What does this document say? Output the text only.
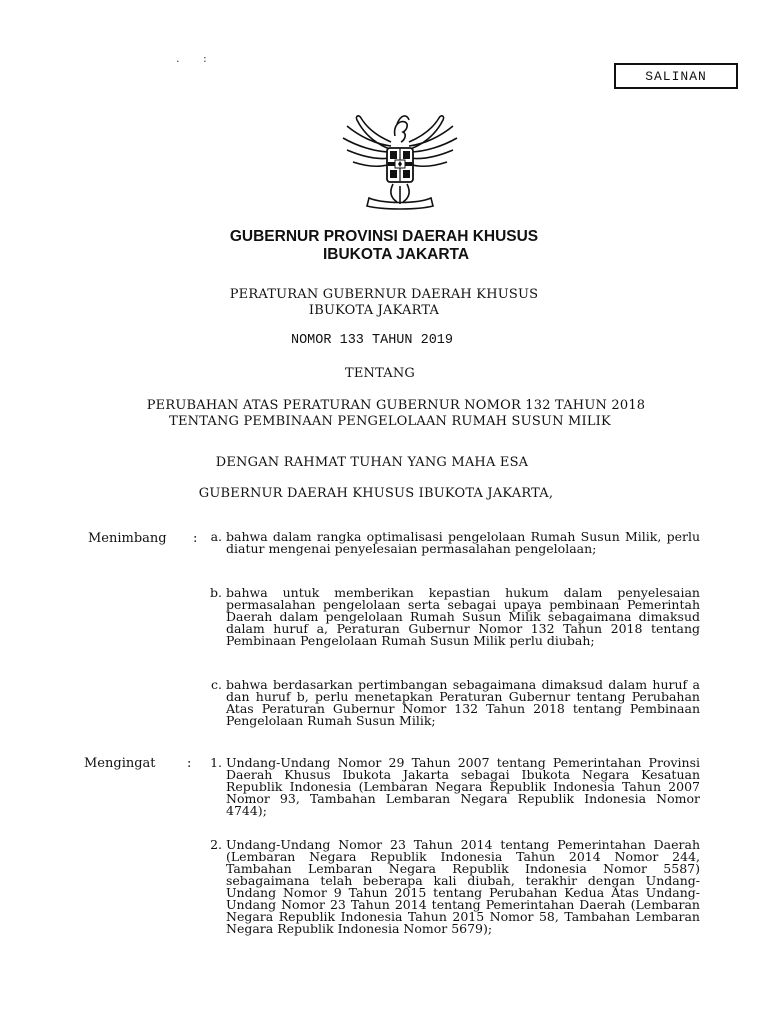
. :
SALINAN
GUBERNUR PROVINSI DAERAH KHUSUS
IBUKOTA JAKARTA
PERATURAN GUBERNUR DAERAH KHUSUS
IBUKOTA JAKARTA
NOMOR 133 TAHUN 2019
TENTANG
PERUBAHAN ATAS PERATURAN GUBERNUR NOMOR 132 TAHUN 2018
TENTANG PEMBINAAN PENGELOLAAN RUMAH SUSUN MILIK
DENGAN RAHMAT TUHAN YANG MAHA ESA
GUBERNUR DAERAH KHUSUS IBUKOTA JAKARTA,
Menimbang :	a. bahwa dalam rangka optimalisasi pengelolaan Rumah Susun Milik, perlu diatur mengenai penyelesaian permasalahan pengelolaan;
b. bahwa untuk memberikan kepastian hukum dalam penyelesaian permasalahan pengelolaan serta sebagai upaya pembinaan Pemerintah Daerah dalam pengelolaan Rumah Susun Milik sebagaimana dimaksud dalam huruf a, Peraturan Gubernur Nomor 132 Tahun 2018 tentang Pembinaan Pengelolaan Rumah Susun Milik perlu diubah;
c. bahwa berdasarkan pertimbangan sebagaimana dimaksud dalam huruf a dan huruf b, perlu menetapkan Peraturan Gubernur tentang Perubahan Atas Peraturan Gubernur Nomor 132 Tahun 2018 tentang Pembinaan Pengelolaan Rumah Susun Milik;
Mengingat :	1. Undang-Undang Nomor 29 Tahun 2007 tentang Pemerintahan Provinsi Daerah Khusus Ibukota Jakarta sebagai Ibukota Negara Kesatuan Republik Indonesia (Lembaran Negara Republik Indonesia Tahun 2007 Nomor 93, Tambahan Lembaran Negara Republik Indonesia Nomor 4744);
2. Undang-Undang Nomor 23 Tahun 2014 tentang Pemerintahan Daerah (Lembaran Negara Republik Indonesia Tahun 2014 Nomor 244, Tambahan Lembaran Negara Republik Indonesia Nomor 5587) sebagaimana telah beberapa kali diubah, terakhir dengan Undang-Undang Nomor 9 Tahun 2015 tentang Perubahan Kedua Atas Undang-Undang Nomor 23 Tahun 2014 tentang Pemerintahan Daerah (Lembaran Negara Republik Indonesia Tahun 2015 Nomor 58, Tambahan Lembaran Negara Republik Indonesia Nomor 5679);
